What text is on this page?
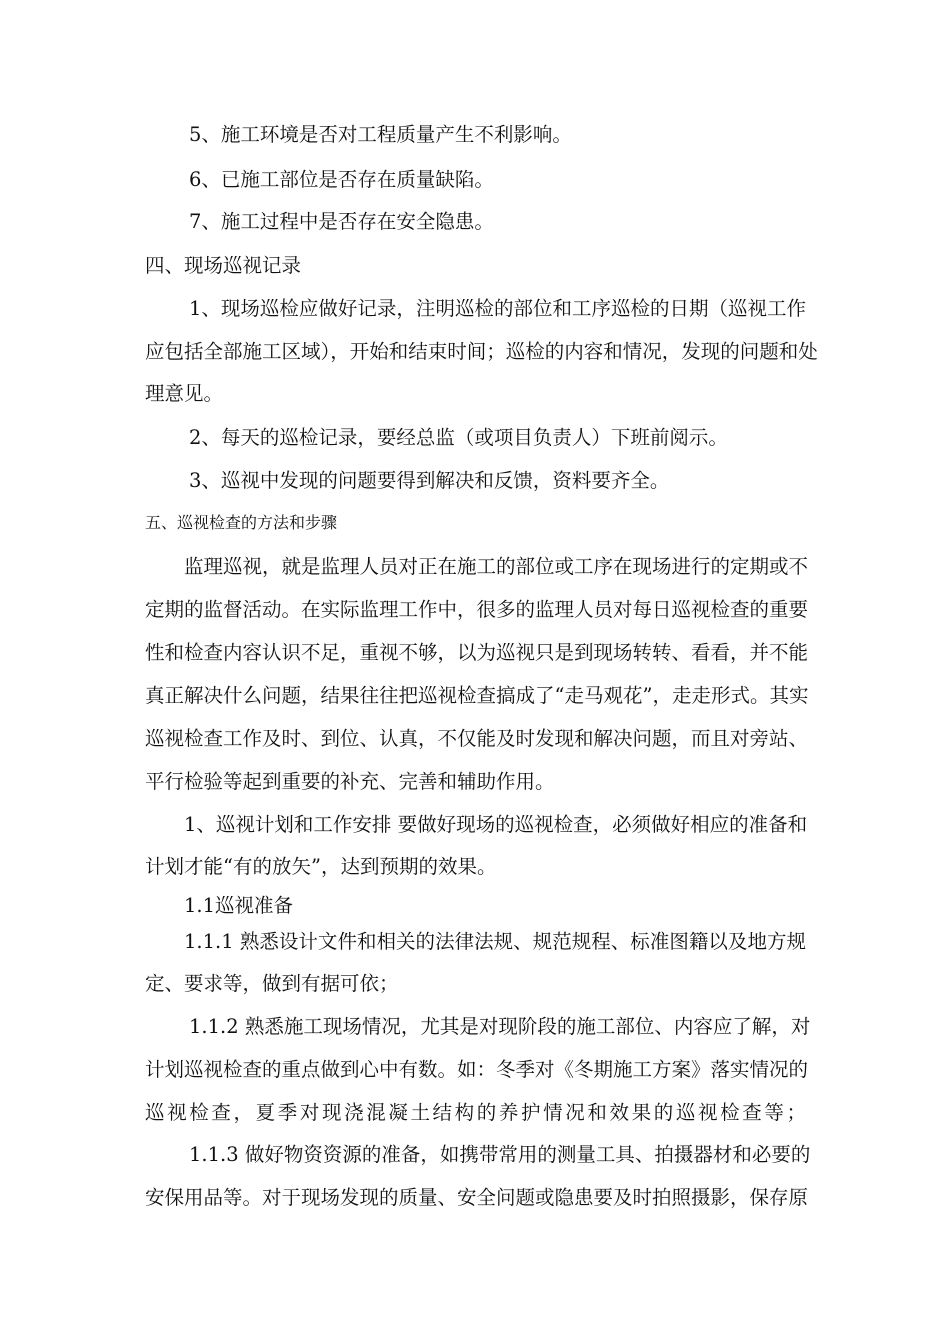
5、施工环境是否对工程质量产生不利影响。
6、已施工部位是否存在质量缺陷。
7、施工过程中是否存在安全隐患。
四、现场巡视记录
1、现场巡检应做好记录，注明巡检的部位和工序巡检的日期（巡视工作
应包括全部施工区域），开始和结束时间；巡检的内容和情况，发现的问题和处
理意见。
2、每天的巡检记录，要经总监（或项目负责人）下班前阅示。
3、巡视中发现的问题要得到解决和反馈，资料要齐全。
五、巡视检查的方法和步骤
监理巡视，就是监理人员对正在施工的部位或工序在现场进行的定期或不
定期的监督活动。在实际监理工作中，很多的监理人员对每日巡视检查的重要
性和检查内容认识不足，重视不够，以为巡视只是到现场转转、看看，并不能
真正解决什么问题，结果往往把巡视检查搞成了“走马观花”，走走形式。其实
巡视检查工作及时、到位、认真，不仅能及时发现和解决问题，而且对旁站、
平行检验等起到重要的补充、完善和辅助作用。
1、巡视计划和工作安排 要做好现场的巡视检查，必须做好相应的准备和
计划才能“有的放矢”，达到预期的效果。
1.1巡视准备
1.1.1 熟悉设计文件和相关的法律法规、规范规程、标准图籍以及地方规
定、要求等，做到有据可依；
1.1.2 熟悉施工现场情况，尤其是对现阶段的施工部位、内容应了解，对
计划巡视检查的重点做到心中有数。如：冬季对《冬期施工方案》落实情况的
巡视检查，夏季对现浇混凝土结构的养护情况和效果的巡视检查等；
1.1.3 做好物资资源的准备，如携带常用的测量工具、拍摄器材和必要的
安保用品等。对于现场发现的质量、安全问题或隐患要及时拍照摄影，保存原
